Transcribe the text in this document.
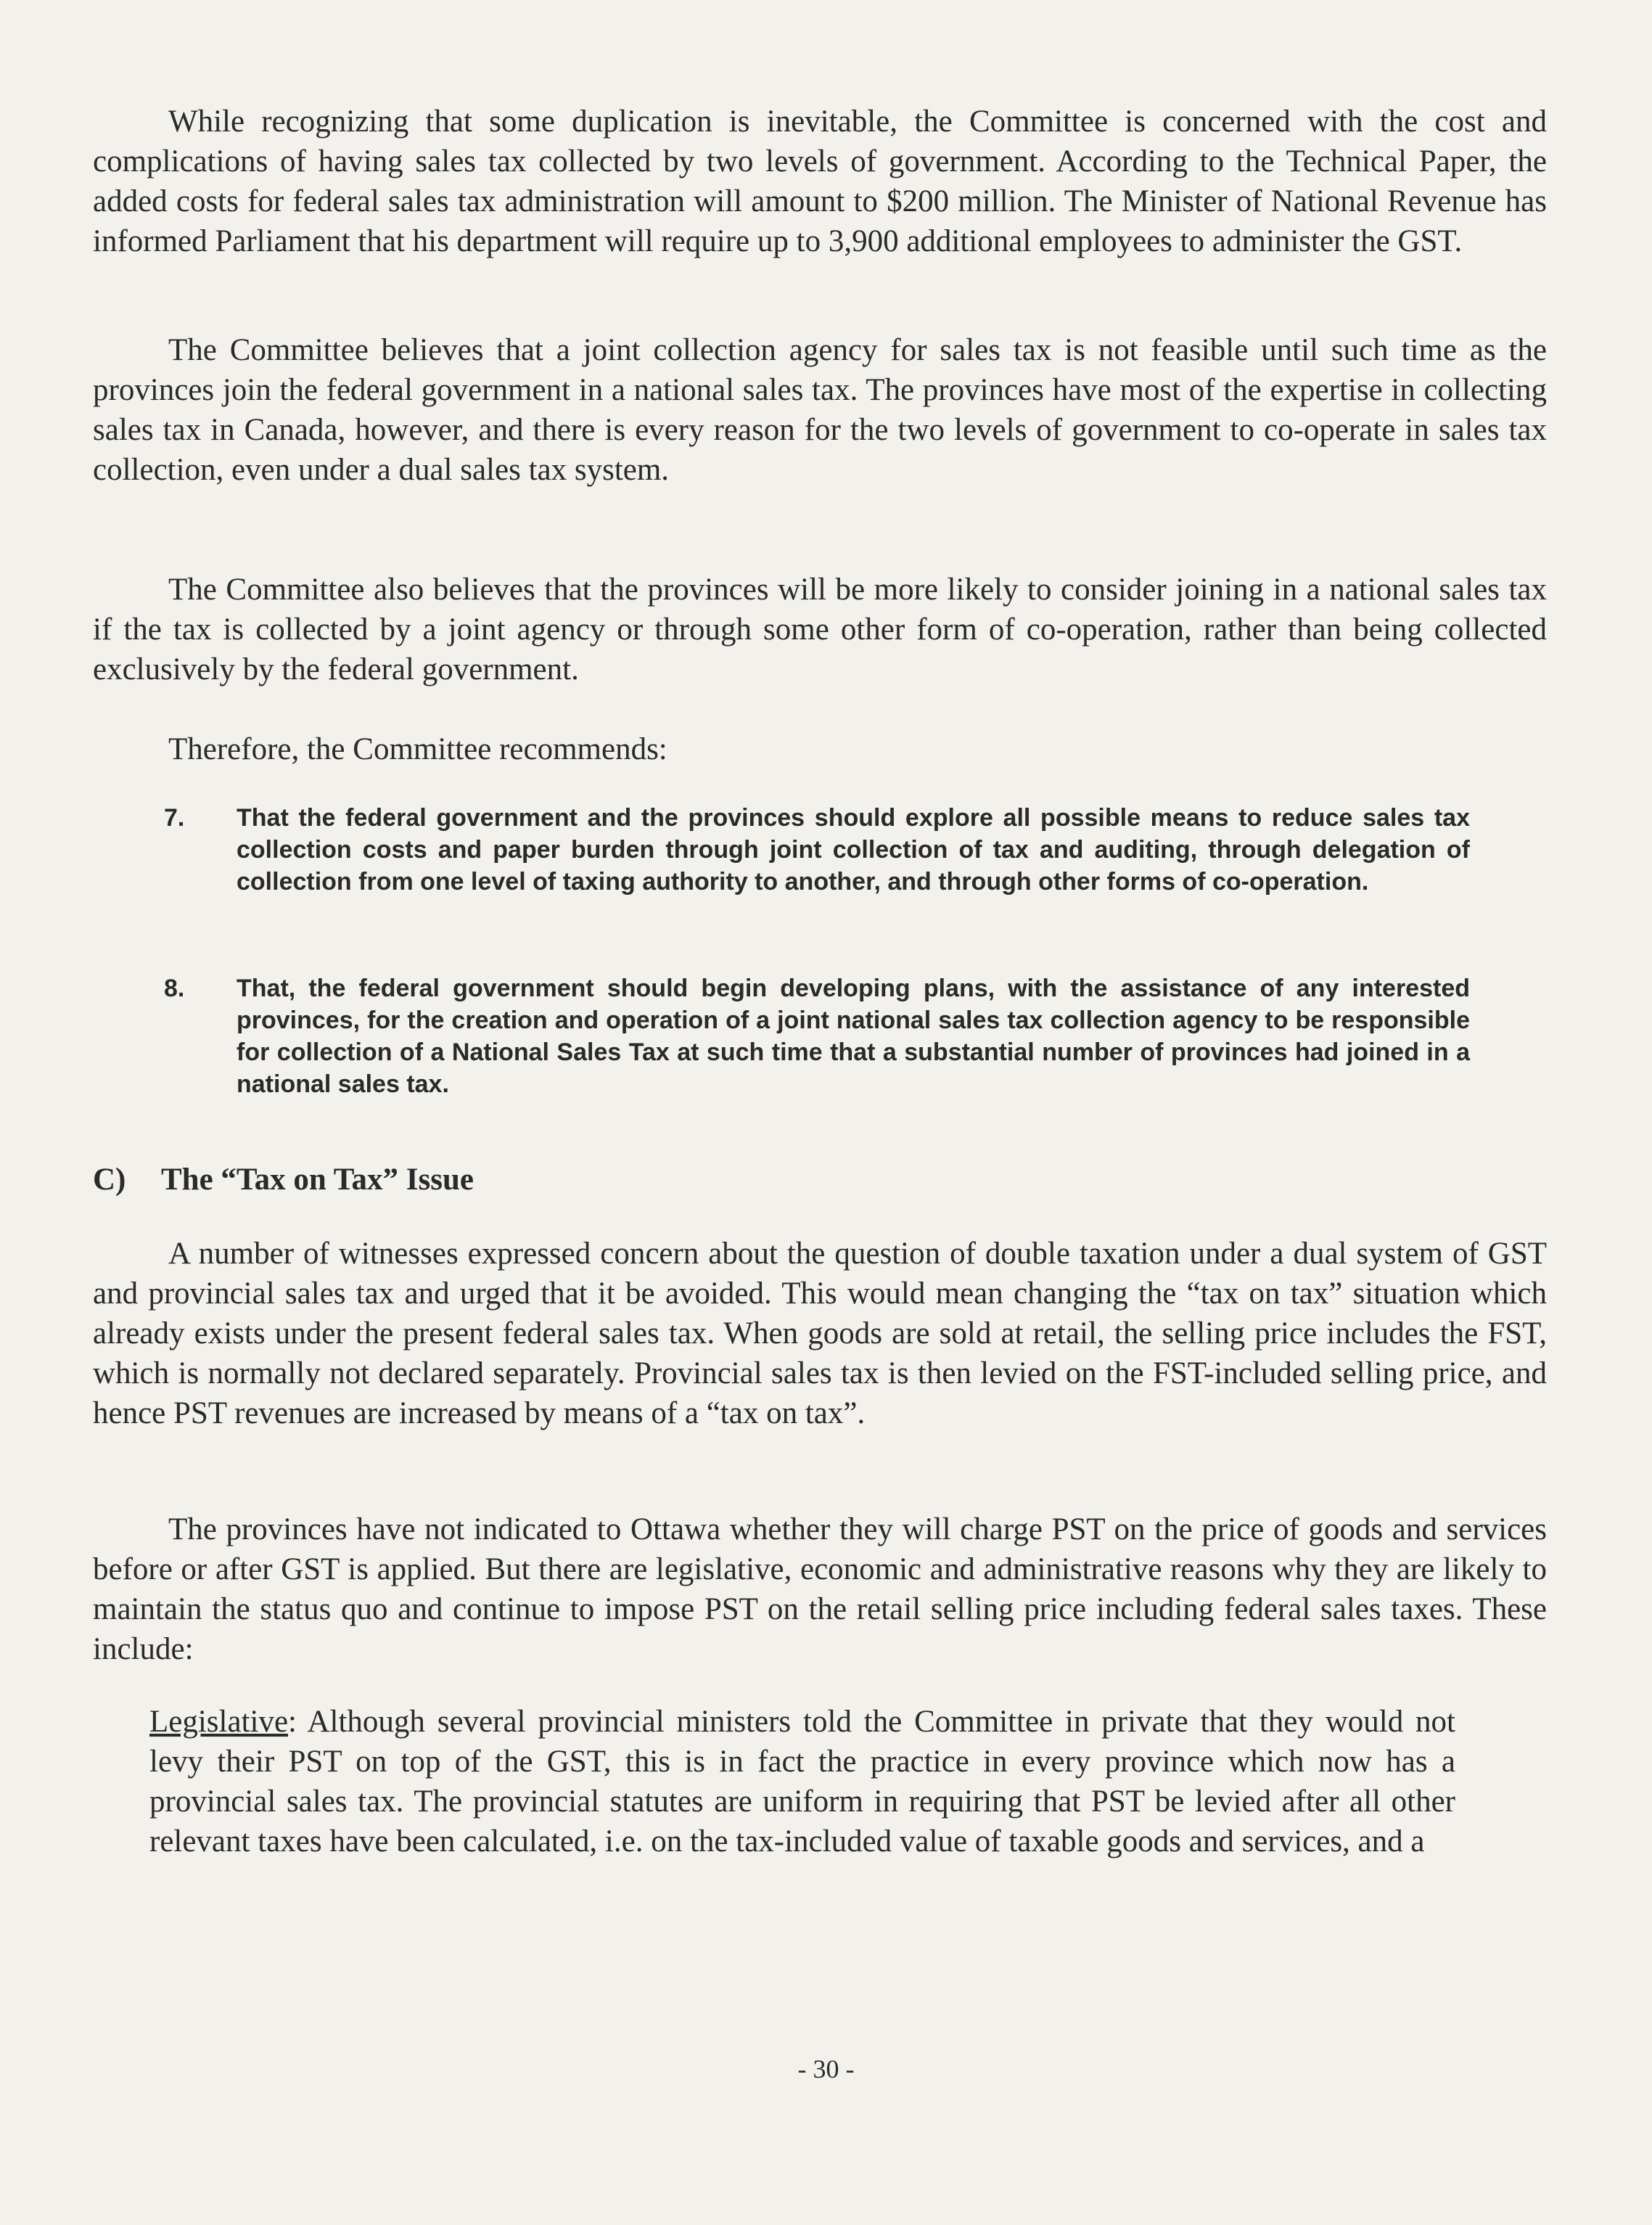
While recognizing that some duplication is inevitable, the Committee is concerned with the cost and complications of having sales tax collected by two levels of government. According to the Technical Paper, the added costs for federal sales tax administration will amount to $200 million. The Minister of National Revenue has informed Parliament that his department will require up to 3,900 additional employees to administer the GST.

The Committee believes that a joint collection agency for sales tax is not feasible until such time as the provinces join the federal government in a national sales tax. The provinces have most of the expertise in collecting sales tax in Canada, however, and there is every reason for the two levels of government to co-operate in sales tax collection, even under a dual sales tax system.

The Committee also believes that the provinces will be more likely to consider joining in a national sales tax if the tax is collected by a joint agency or through some other form of co-operation, rather than being collected exclusively by the federal government.

Therefore, the Committee recommends:

7.	That the federal government and the provinces should explore all possible means to reduce sales tax collection costs and paper burden through joint collection of tax and auditing, through delegation of collection from one level of taxing authority to another, and through other forms of co-operation.
8.	That, the federal government should begin developing plans, with the assistance of any interested provinces, for the creation and operation of a joint national sales tax collection agency to be responsible for collection of a National Sales Tax at such time that a substantial number of provinces had joined in a national sales tax.
C) The “Tax on Tax” Issue

A number of witnesses expressed concern about the question of double taxation under a dual system of GST and provincial sales tax and urged that it be avoided. This would mean changing the “tax on tax” situation which already exists under the present federal sales tax. When goods are sold at retail, the selling price includes the FST, which is normally not declared separately. Provincial sales tax is then levied on the FST-included selling price, and hence PST revenues are increased by means of a “tax on tax”.

The provinces have not indicated to Ottawa whether they will charge PST on the price of goods and services before or after GST is applied. But there are legislative, economic and administrative reasons why they are likely to maintain the status quo and continue to impose PST on the retail selling price including federal sales taxes. These include:

Legislative: Although several provincial ministers told the Committee in private that they would not levy their PST on top of the GST, this is in fact the practice in every province which now has a provincial sales tax. The provincial statutes are uniform in requiring that PST be levied after all other relevant taxes have been calculated, i.e. on the tax-included value of taxable goods and services, and a

- 30 -
